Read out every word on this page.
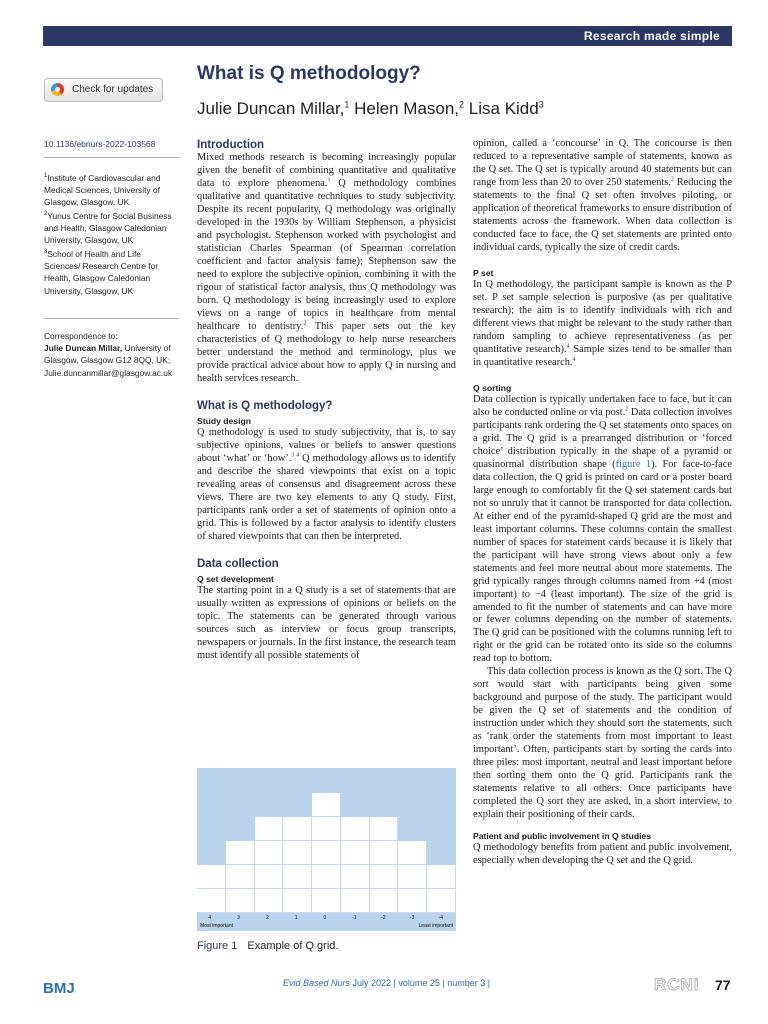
Research made simple
Check for updates
What is Q methodology?
Julie Duncan Millar,$^1$ Helen Mason,$^2$ Lisa Kidd$^3$
10.1136/ebnurs-2022-103568

$^1$Institute of Cardiovascular and Medical Sciences, University of Glasgow, Glasgow, UK

$^2$Yunus Centre for Social Business and Health, Glasgow Caledonian University, Glasgow, UK

$^3$School of Health and Life Sciences/ Research Centre for Health, Glasgow Caledonian University, Glasgow, UK

Correspondence to:
Julie Duncan Millar, University of Glasgow, Glasgow G12 8QQ, UK; Julie.duncanmillar@glasgow.ac.uk

Introduction

Mixed methods research is becoming increasingly popular given the benefit of combining quantitative and qualitative data to explore phenomena.$^1$ Q methodology combines qualitative and quantitative techniques to study subjectivity. Despite its recent popularity, Q methodology was originally developed in the 1930s by William Stephenson, a physicist and psychologist. Stephenson worked with psychologist and statistician Charles Spearman (of Spearman correlation coefficient and factor analysis fame); Stephenson saw the need to explore the subjective opinion, combining it with the rigour of statistical factor analysis, thus Q methodology was born. Q methodology is being increasingly used to explore views on a range of topics in healthcare from mental healthcare to dentistry.$^2$ This paper sets out the key characteristics of Q methodology to help nurse researchers better understand the method and terminology, plus we provide practical advice about how to apply Q in nursing and health services research.

What is Q methodology?

Study design

Q methodology is used to study subjectivity, that is, to say subjective opinions, values or beliefs to answer questions about ‘what’ or ‘how’.$^{3 4}$ Q methodology allows us to identify and describe the shared viewpoints that exist on a topic revealing areas of consensus and disagreement across these views. There are two key elements to any Q study. First, participants rank order a set of statements of opinion onto a grid. This is followed by a factor analysis to identify clusters of shared viewpoints that can then be interpreted.

Data collection

Q set development

The starting point in a Q study is a set of statements that are usually written as expressions of opinions or beliefs on the topic. The statements can be generated through various sources such as interview or focus group transcripts, newspapers or journals. In the first instance, the research team must identify all possible statements of

opinion, called a ‘concourse’ in Q. The concourse is then reduced to a representative sample of statements, known as the Q set. The Q set is typically around 40 statements but can range from less than 20 to over 250 statements.$^2$ Reducing the statements to the final Q set often involves piloting, or application of theoretical frameworks to ensure distribution of statements across the framework. When data collection is conducted face to face, the Q set statements are printed onto individual cards, typically the size of credit cards.

P set

In Q methodology, the participant sample is known as the P set. P set sample selection is purposive (as per qualitative research); the aim is to identify individuals with rich and different views that might be relevant to the study rather than random sampling to achieve representativeness (as per quantitative research).$^4$ Sample sizes tend to be smaller than in quantitative research.$^4$

Q sorting

Data collection is typically undertaken face to face, but it can also be conducted online or via post.$^2$ Data collection involves participants rank ordering the Q set statements onto spaces on a grid. The Q grid is a prearranged distribution or ‘forced choice’ distribution typically in the shape of a pyramid or quasinormal distribution shape (figure 1). For face-to-face data collection, the Q grid is printed on card or a poster board large enough to comfortably fit the Q set statement cards but not so unruly that it cannot be transported for data collection. At either end of the pyramid-shaped Q grid are the most and least important columns. These columns contain the smallest number of spaces for statement cards because it is likely that the participant will have strong views about only a few statements and feel more neutral about more statements. The grid typically ranges through columns named from +4 (most important) to −4 (least important). The size of the grid is amended to fit the number of statements and can have more or fewer columns depending on the number of statements. The Q grid can be positioned with the columns running left to right or the grid can be rotated onto its side so the columns read top to bottom.

This data collection process is known as the Q sort. The Q sort would start with participants being given some background and purpose of the study. The participant would be given the Q set of statements and the condition of instruction under which they should sort the statements, such as ‘rank order the statements from most important to least important’. Often, participants start by sorting the cards into three piles: most important, neutral and least important before then sorting them onto the Q grid. Participants rank the statements relative to all others. Once participants have completed the Q sort they are asked, in a short interview, to explain their positioning of their cards.

Patient and public involvement in Q studies

Q methodology benefits from patient and public involvement, especially when developing the Q set and the Q grid.

Most important	Least important
4	3	2	1	0	-1	-2	-3	-4
Figure 1 Example of Q grid.
BMJ	Evid Based Nurs July 2022 | volume 25 | number 3 |	RCNi 77
